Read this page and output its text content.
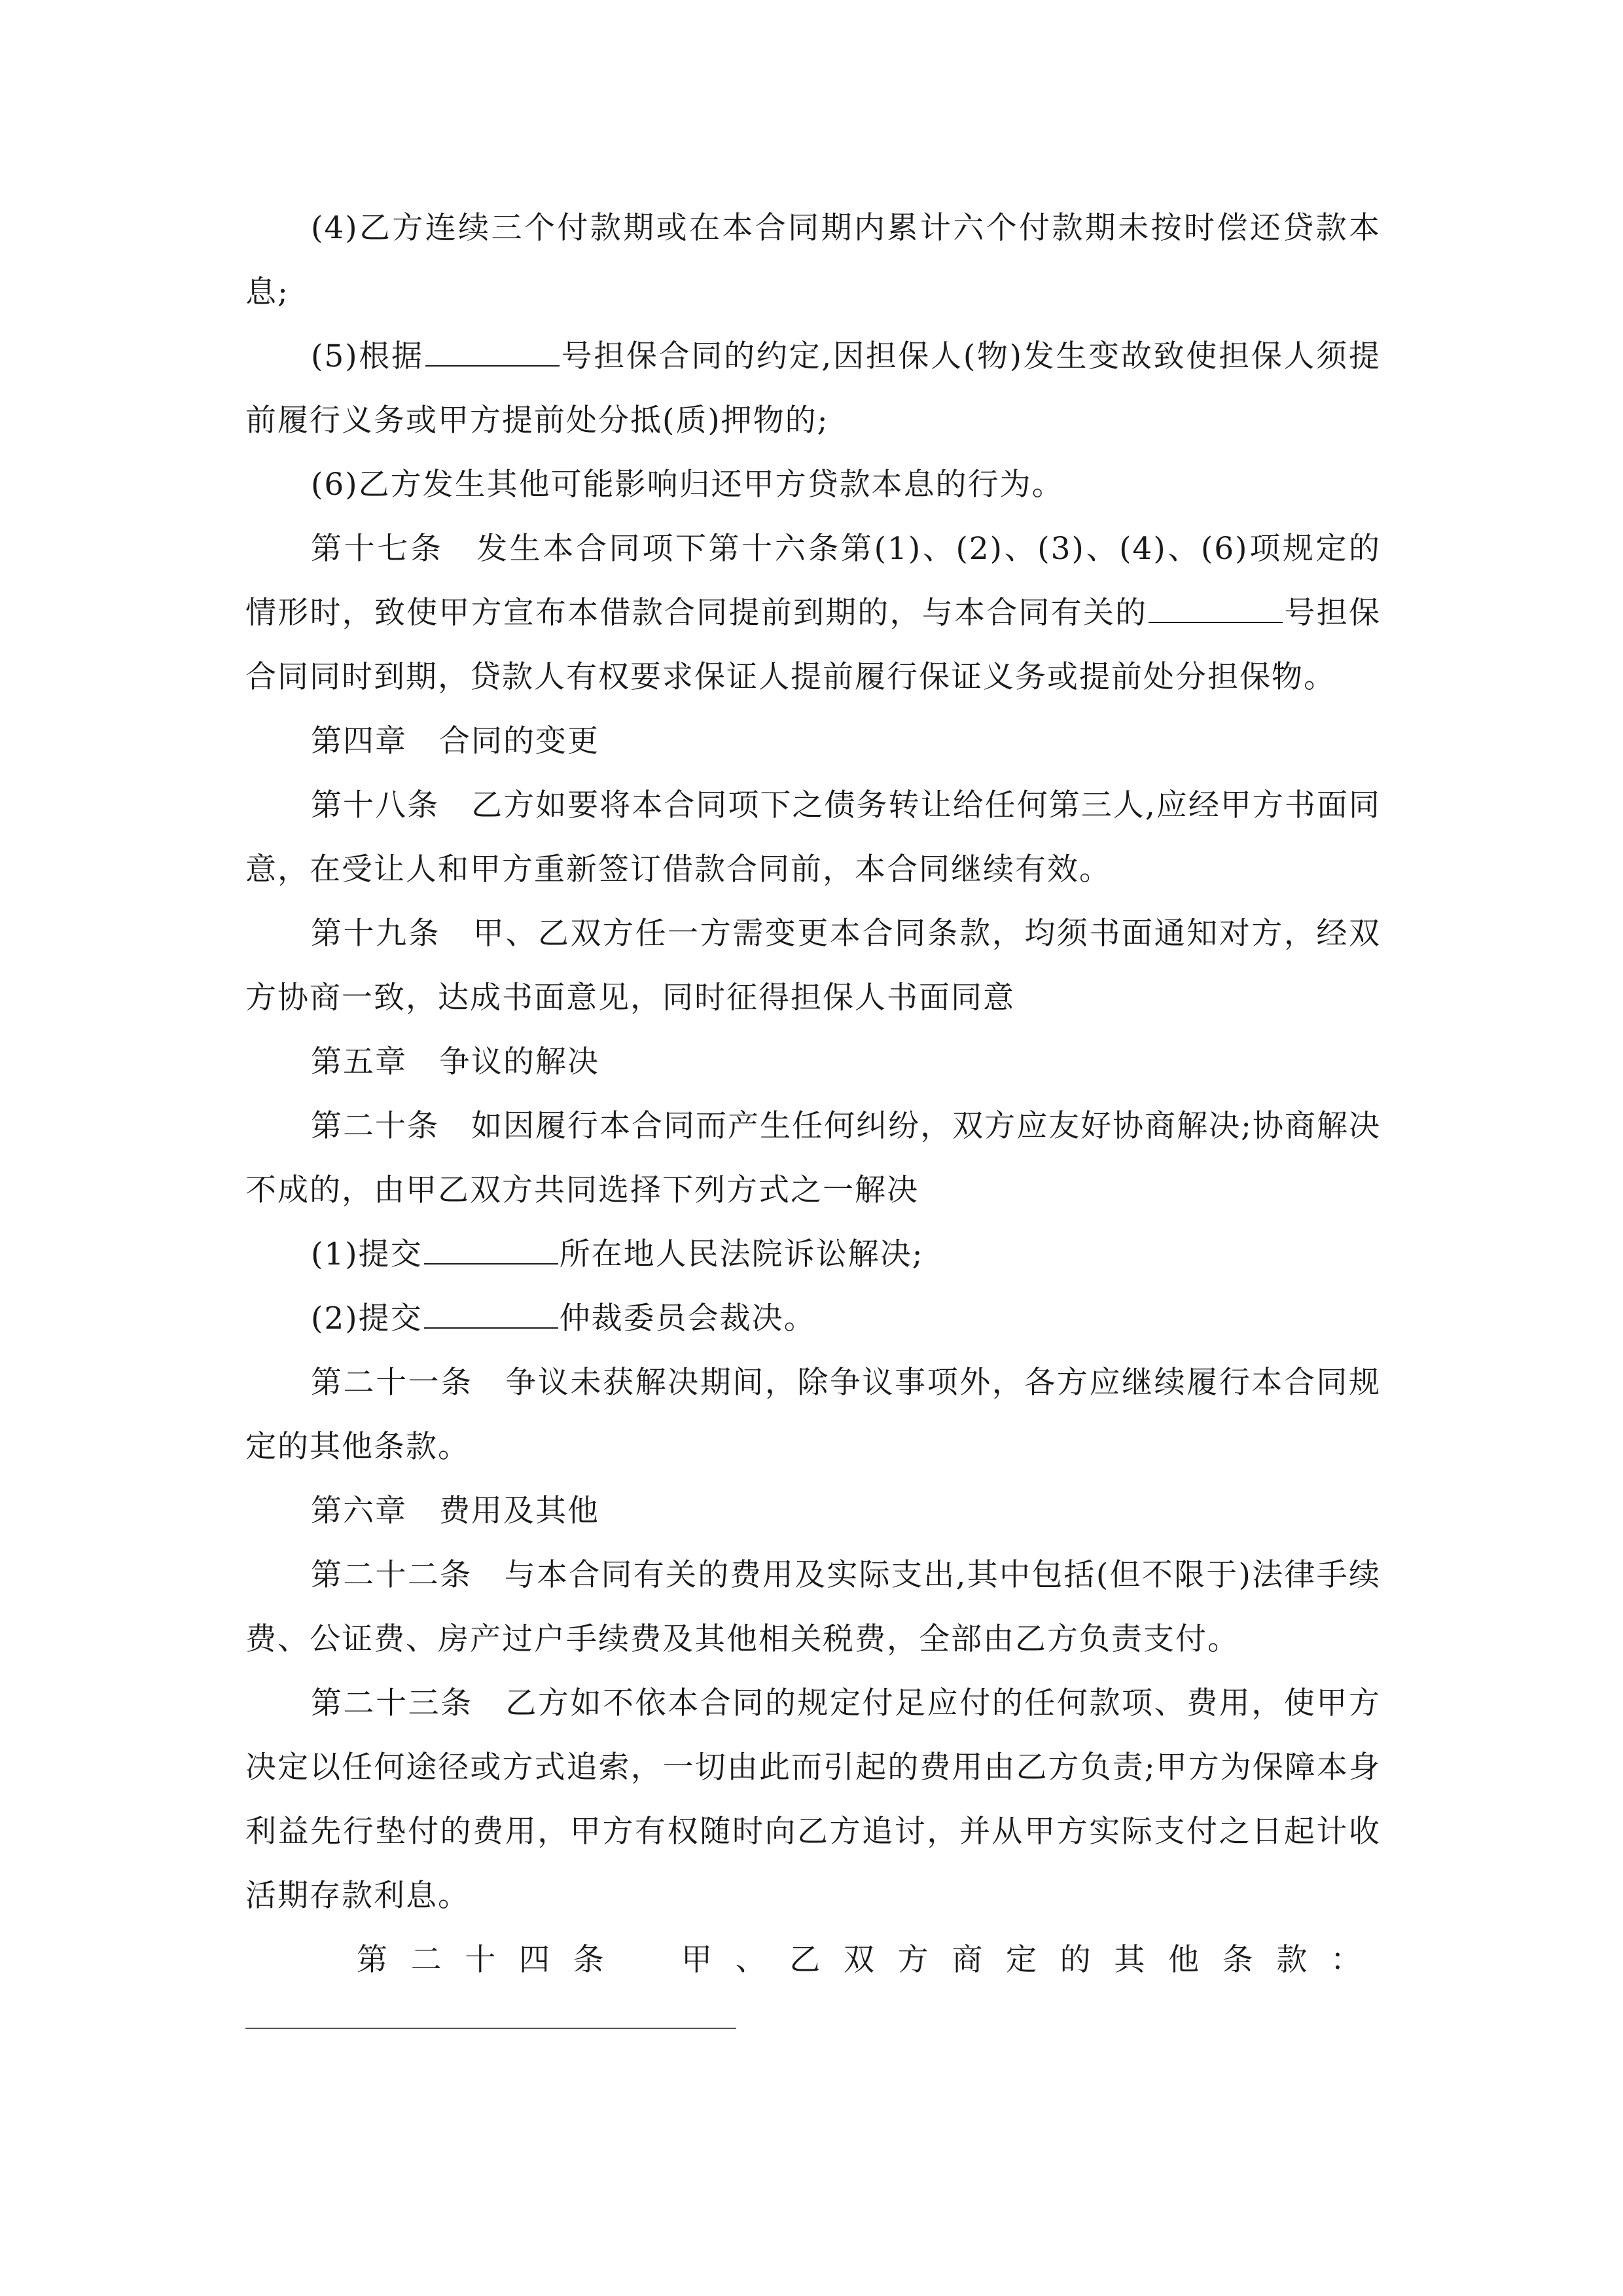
(4)乙方连续三个付款期或在本合同期内累计六个付款期未按时偿还贷款本息;

(5)根据	号担保合同的约定,因担保人(物)发生变故致使担保人须提前履行义务或甲方提前处分抵(质)押物的;

(6)乙方发生其他可能影响归还甲方贷款本息的行为。

第十七条　发生本合同项下第十六条第(1)、(2)、(3)、(4)、(6)项规定的情形时，致使甲方宣布本借款合同提前到期的，与本合同有关的	号担保合同同时到期，贷款人有权要求保证人提前履行保证义务或提前处分担保物。

第四章　合同的变更

第十八条　乙方如要将本合同项下之债务转让给任何第三人,应经甲方书面同意，在受让人和甲方重新签订借款合同前，本合同继续有效。

第十九条　甲、乙双方任一方需变更本合同条款，均须书面通知对方，经双方协商一致，达成书面意见，同时征得担保人书面同意

第五章　争议的解决

第二十条　如因履行本合同而产生任何纠纷，双方应友好协商解决;协商解决不成的，由甲乙双方共同选择下列方式之一解决

(1)提交	所在地人民法院诉讼解决;

(2)提交	仲裁委员会裁决。

第二十一条　争议未获解决期间，除争议事项外，各方应继续履行本合同规定的其他条款。

第六章　费用及其他

第二十二条　与本合同有关的费用及实际支出,其中包括(但不限于)法律手续费、公证费、房产过户手续费及其他相关税费，全部由乙方负责支付。

第二十三条　乙方如不依本合同的规定付足应付的任何款项、费用，使甲方决定以任何途径或方式追索，一切由此而引起的费用由乙方负责;甲方为保障本身利益先行垫付的费用，甲方有权随时向乙方追讨，并从甲方实际支付之日起计收活期存款利息。

第二十四条　甲、乙双方商定的其他条款：
